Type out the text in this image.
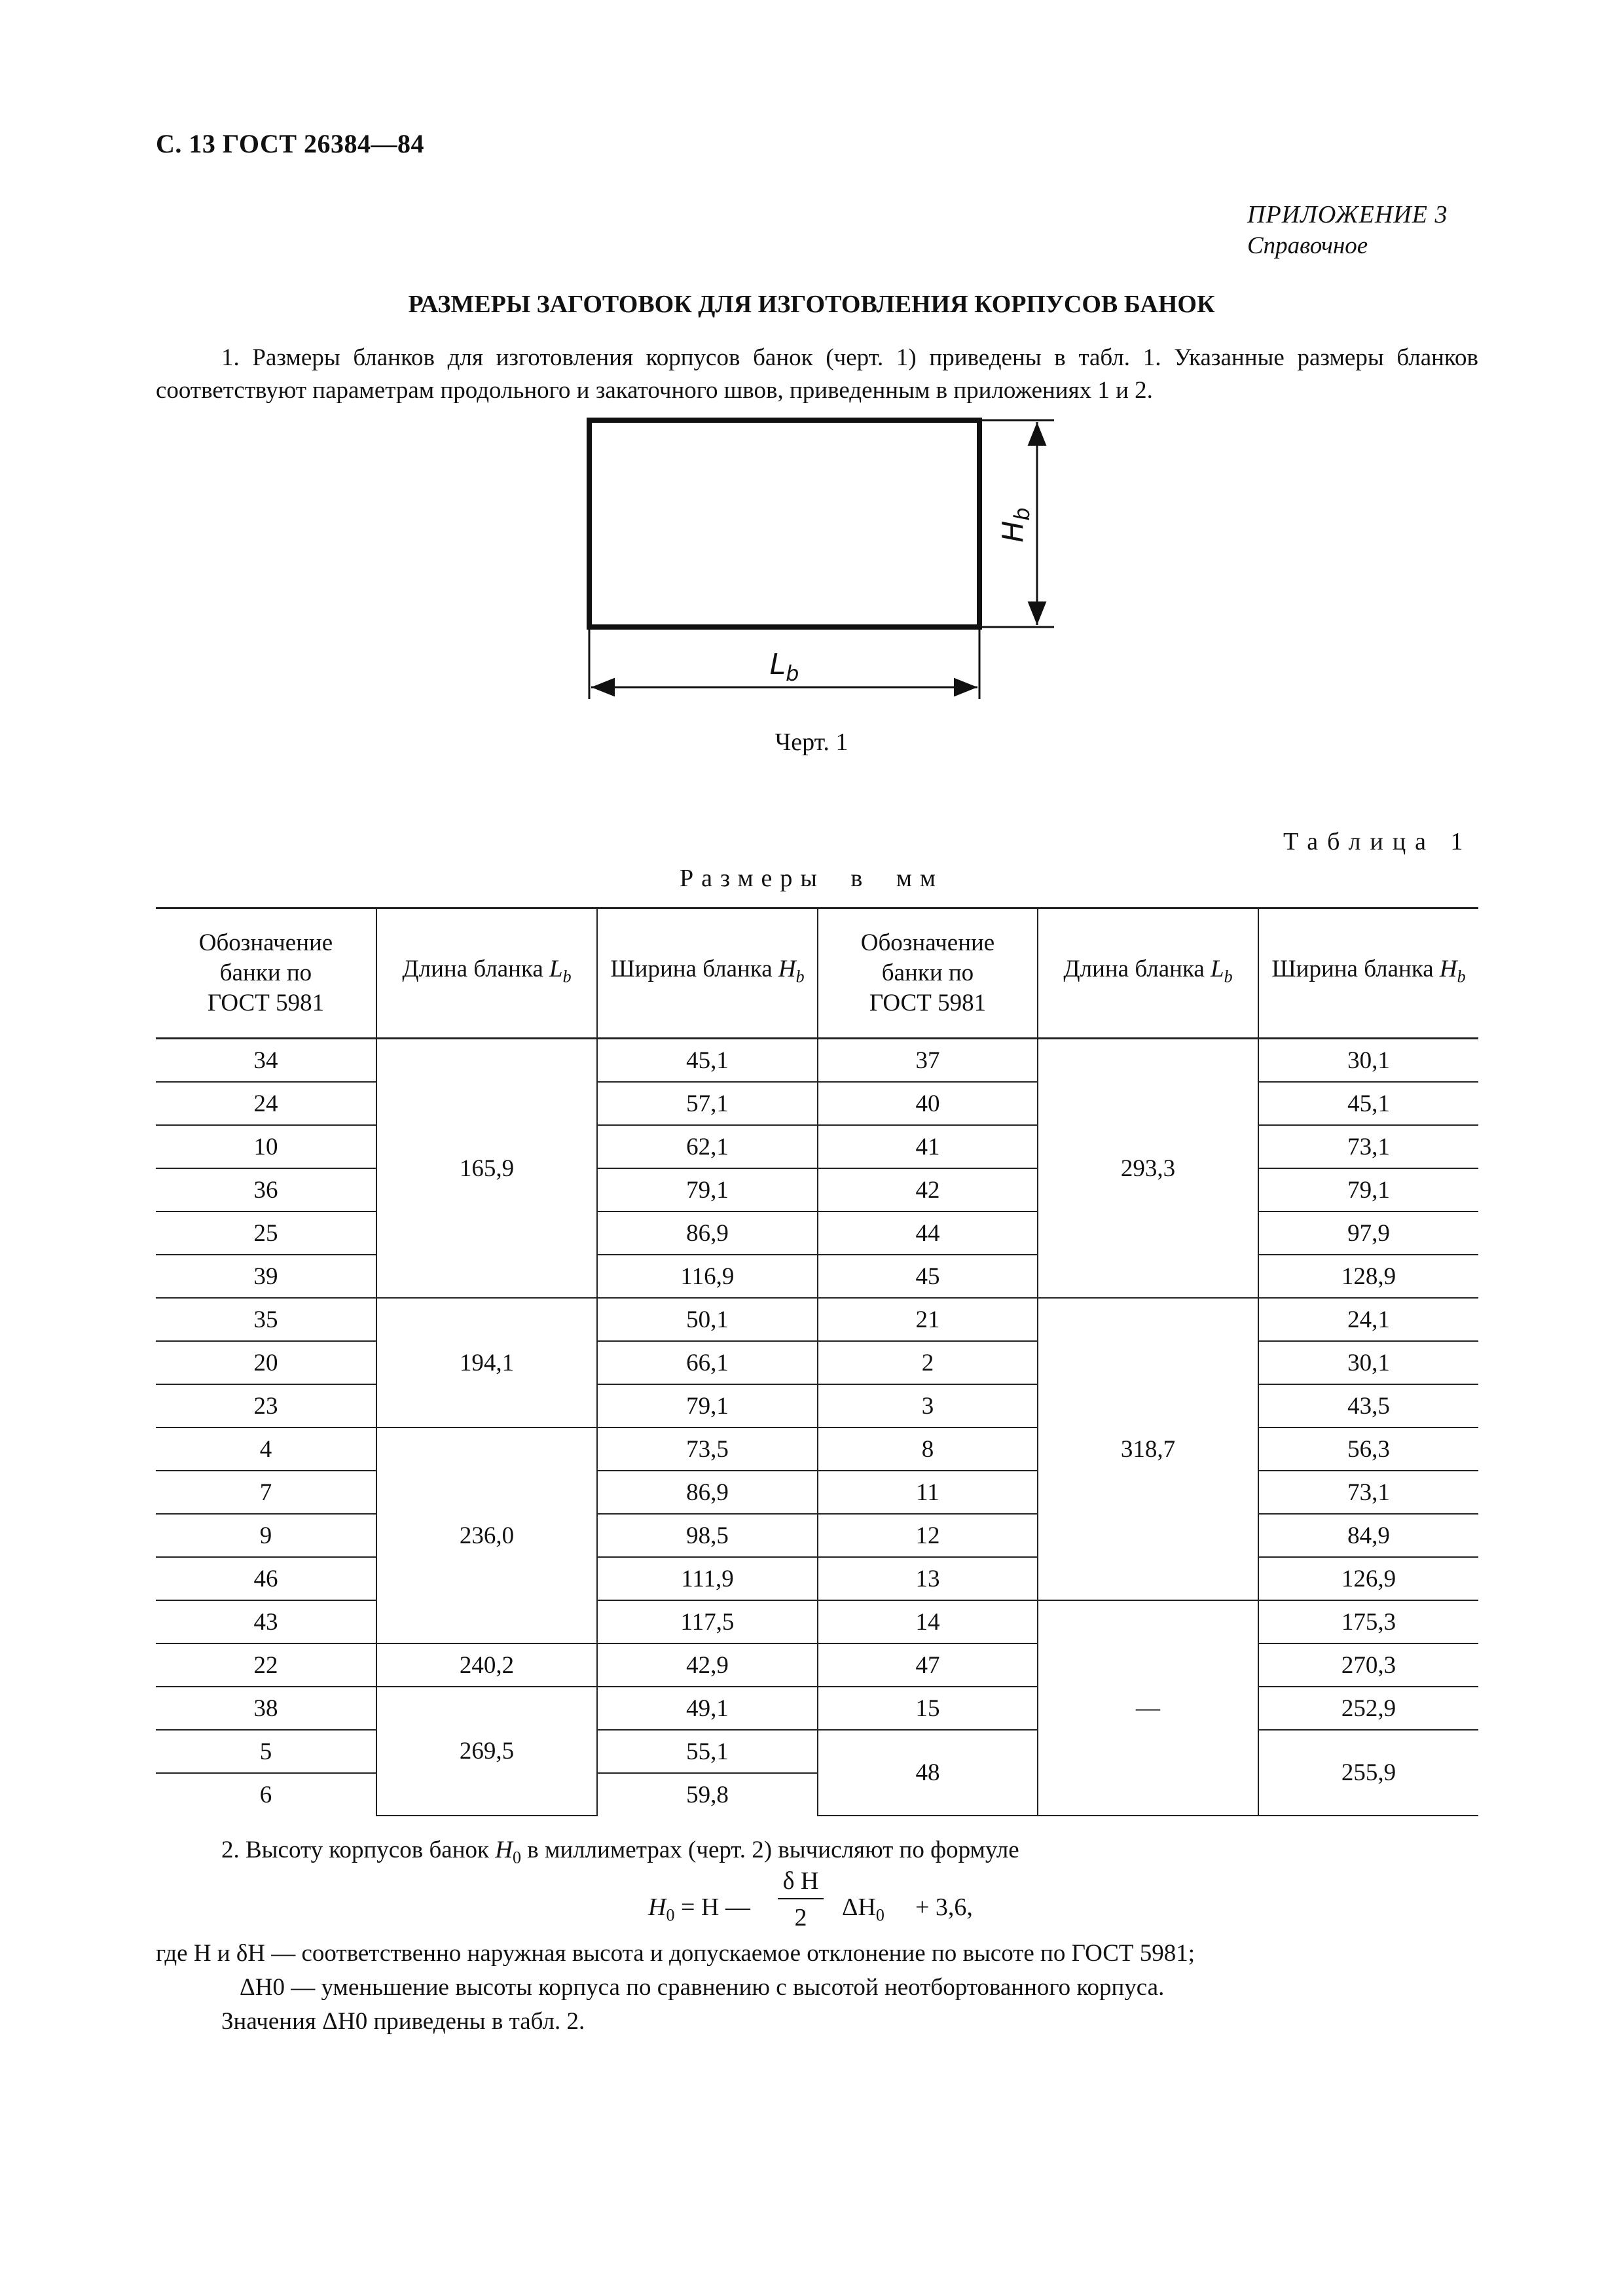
С. 13 ГОСТ 26384—84
ПРИЛОЖЕНИЕ 3
Справочное
РАЗМЕРЫ ЗАГОТОВОК ДЛЯ ИЗГОТОВЛЕНИЯ КОРПУСОВ БАНОК
1. Размеры бланков для изготовления корпусов банок (черт. 1) приведены в табл. 1. Указанные размеры бланков соответствуют параметрам продольного и закаточного швов, приведенным в приложениях 1 и 2.
$H_b$
$L_b$
Черт. 1
Таблица 1
Размеры в мм
Обозначение
банки по
ГОСТ 5981	Длина бланка $L_b$	Ширина бланка $H_b$	Обозначение
банки по
ГОСТ 5981	Длина бланка $L_b$	Ширина бланка $H_b$
34	165,9	45,1	37	293,3	30,1
24		57,1	40		45,1
10		62,1	41		73,1
36		79,1	42		79,1
25		86,9	44		97,9
39		116,9	45		128,9
35	194,1	50,1	21	318,7	24,1
20		66,1	2		30,1
23		79,1	3		43,5
4	236,0	73,5	8		56,3
7		86,9	11		73,1
9		98,5	12		84,9
46		111,9	13		126,9
43		117,5	14	—	175,3
22	240,2	42,9	47		270,3
38	269,5	49,1	15		252,9
5		55,1	48		255,9
6		59,8			
2. Высоту корпусов банок $H_0$ в миллиметрах (черт. 2) вычисляют по формуле
$H_0 = H$ —
δ H
2	$\Delta H_0 + 3,6$,
где H и δH — соответственно наружная высота и допускаемое отклонение по высоте по ГОСТ 5981;
ΔH0 — уменьшение высоты корпуса по сравнению с высотой неотбортованного корпуса.
Значения ΔH0 приведены в табл. 2.
